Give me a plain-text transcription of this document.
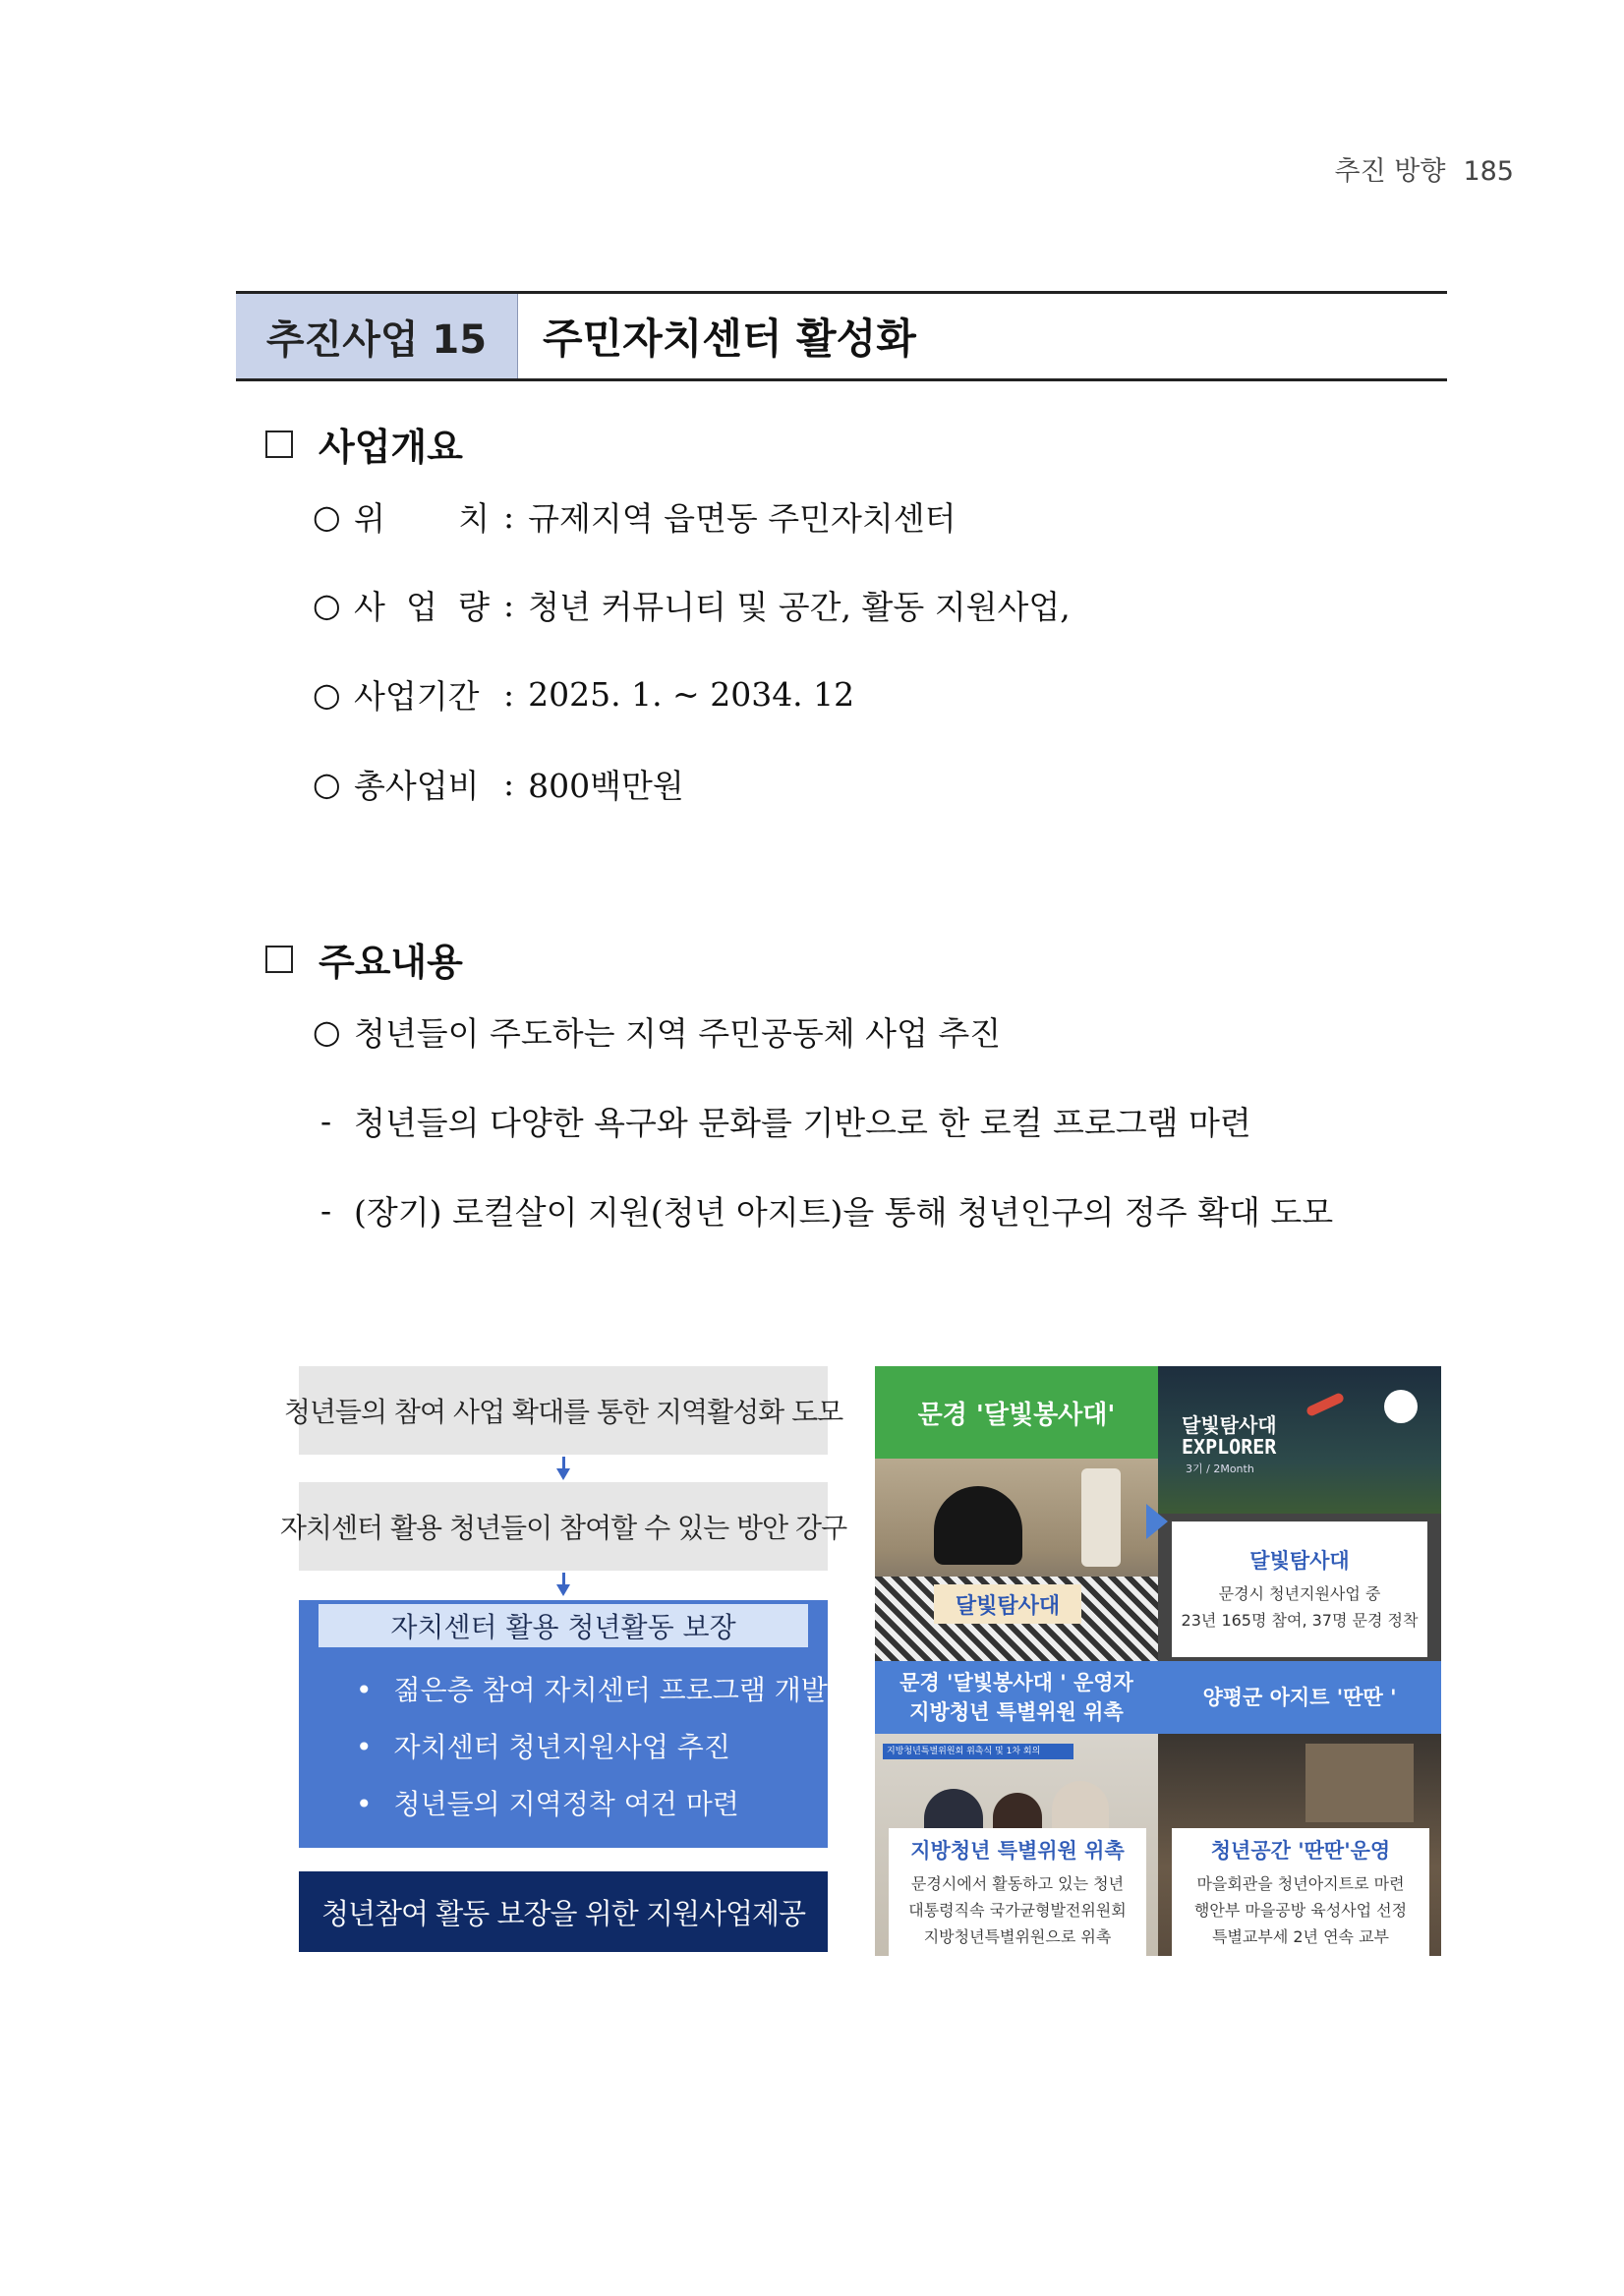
추진 방향 185
추진사업 15	주민자치센터 활성화
사업개요
○ 위 치 : 규제지역 읍면동 주민자치센터
○ 사 업 량 : 청년 커뮤니티 및 공간, 활동 지원사업,
○ 사업기간 : 2025. 1. ~ 2034. 12
○ 총사업비 : 800백만원
주요내용
○ 청년들이 주도하는 지역 주민공동체 사업 추진
- 청년들의 다양한 욕구와 문화를 기반으로 한 로컬 프로그램 마련
- (장기) 로컬살이 지원(청년 아지트)을 통해 청년인구의 정주 확대 도모
청년들의 참여 사업 확대를 통한 지역활성화 도모
자치센터 활용 청년들이 참여할 수 있는 방안 강구
자치센터 활용 청년활동 보장
• 젊은층 참여 자치센터 프로그램 개발
• 자치센터 청년지원사업 추진
• 청년들의 지역정착 여건 마련
청년참여 활동 보장을 위한 지원사업제공
문경 '달빛봉사대'	달빛탐사대
EXPLORER
3기 / 2Month
달빛탐사대
달빛탐사대
문경시 청년지원사업 중
23년 165명 참여, 37명 문경 정착
문경 '달빛봉사대 ' 운영자
지방청년 특별위원 위촉
양평군 아지트 '딴딴 '
지방청년특별위원회 위촉식 및 1차 회의
지방청년 특별위원 위촉
문경시에서 활동하고 있는 청년
대통령직속 국가균형발전위원회
지방청년특별위원으로 위촉
청년공간 '딴딴'운영
마을회관을 청년아지트로 마련
행안부 마을공방 육성사업 선정
특별교부세 2년 연속 교부
